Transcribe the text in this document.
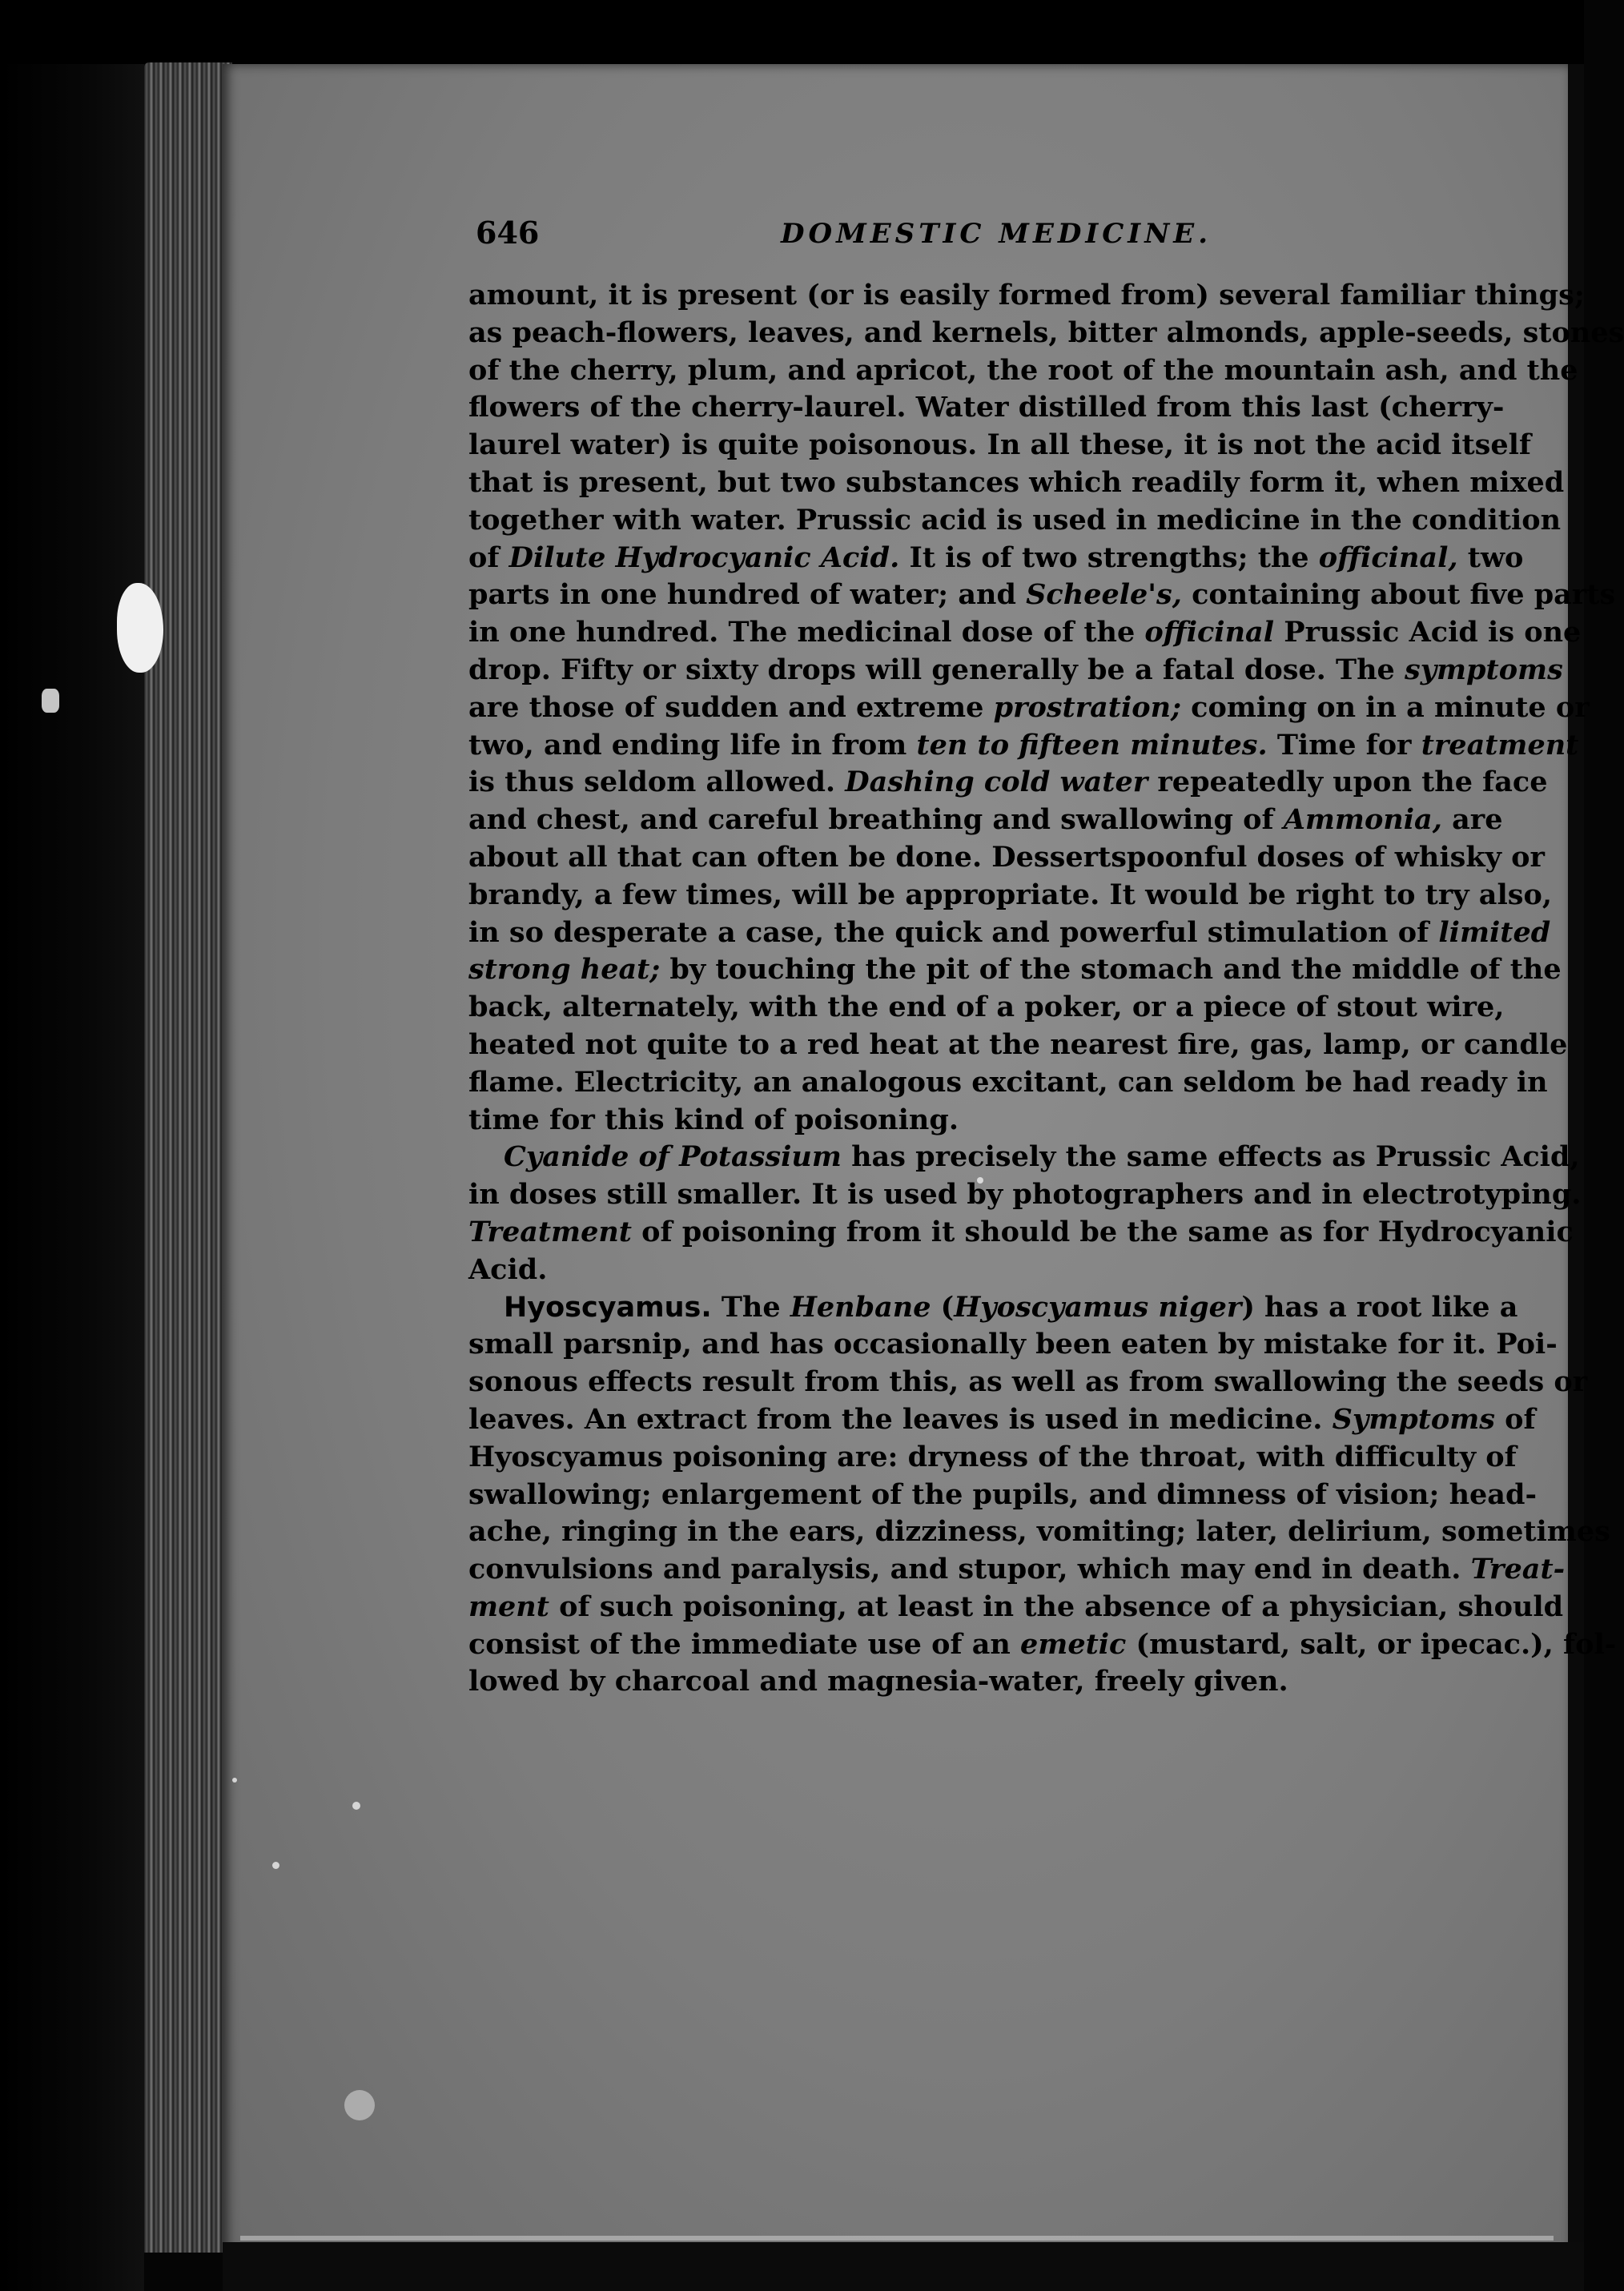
646	DOMESTIC MEDICINE.
amount, it is present (or is easily formed from) several familiar things;
as peach-flowers, leaves, and kernels, bitter almonds, apple-seeds, stones
of the cherry, plum, and apricot, the root of the mountain ash, and the
flowers of the cherry-laurel. Water distilled from this last (cherry-
laurel water) is quite poisonous. In all these, it is not the acid itself
that is present, but two substances which readily form it, when mixed
together with water. Prussic acid is used in medicine in the condition
of Dilute Hydrocyanic Acid. It is of two strengths; the officinal, two
parts in one hundred of water; and Scheele's, containing about five parts
in one hundred. The medicinal dose of the officinal Prussic Acid is one
drop. Fifty or sixty drops will generally be a fatal dose. The symptoms
are those of sudden and extreme prostration; coming on in a minute or
two, and ending life in from ten to fifteen minutes. Time for treatment
is thus seldom allowed. Dashing cold water repeatedly upon the face
and chest, and careful breathing and swallowing of Ammonia, are
about all that can often be done. Dessertspoonful doses of whisky or
brandy, a few times, will be appropriate. It would be right to try also,
in so desperate a case, the quick and powerful stimulation of limited
strong heat; by touching the pit of the stomach and the middle of the
back, alternately, with the end of a poker, or a piece of stout wire,
heated not quite to a red heat at the nearest fire, gas, lamp, or candle
flame. Electricity, an analogous excitant, can seldom be had ready in
time for this kind of poisoning.
Cyanide of Potassium has precisely the same effects as Prussic Acid,
in doses still smaller. It is used by photographers and in electrotyping.
Treatment of poisoning from it should be the same as for Hydrocyanic
Acid.
Hyoscyamus. The Henbane (Hyoscyamus niger) has a root like a
small parsnip, and has occasionally been eaten by mistake for it. Poi-
sonous effects result from this, as well as from swallowing the seeds or
leaves. An extract from the leaves is used in medicine. Symptoms of
Hyoscyamus poisoning are: dryness of the throat, with difficulty of
swallowing; enlargement of the pupils, and dimness of vision; head-
ache, ringing in the ears, dizziness, vomiting; later, delirium, sometimes
convulsions and paralysis, and stupor, which may end in death. Treat-
ment of such poisoning, at least in the absence of a physician, should
consist of the immediate use of an emetic (mustard, salt, or ipecac.), fol-
lowed by charcoal and magnesia-water, freely given.
